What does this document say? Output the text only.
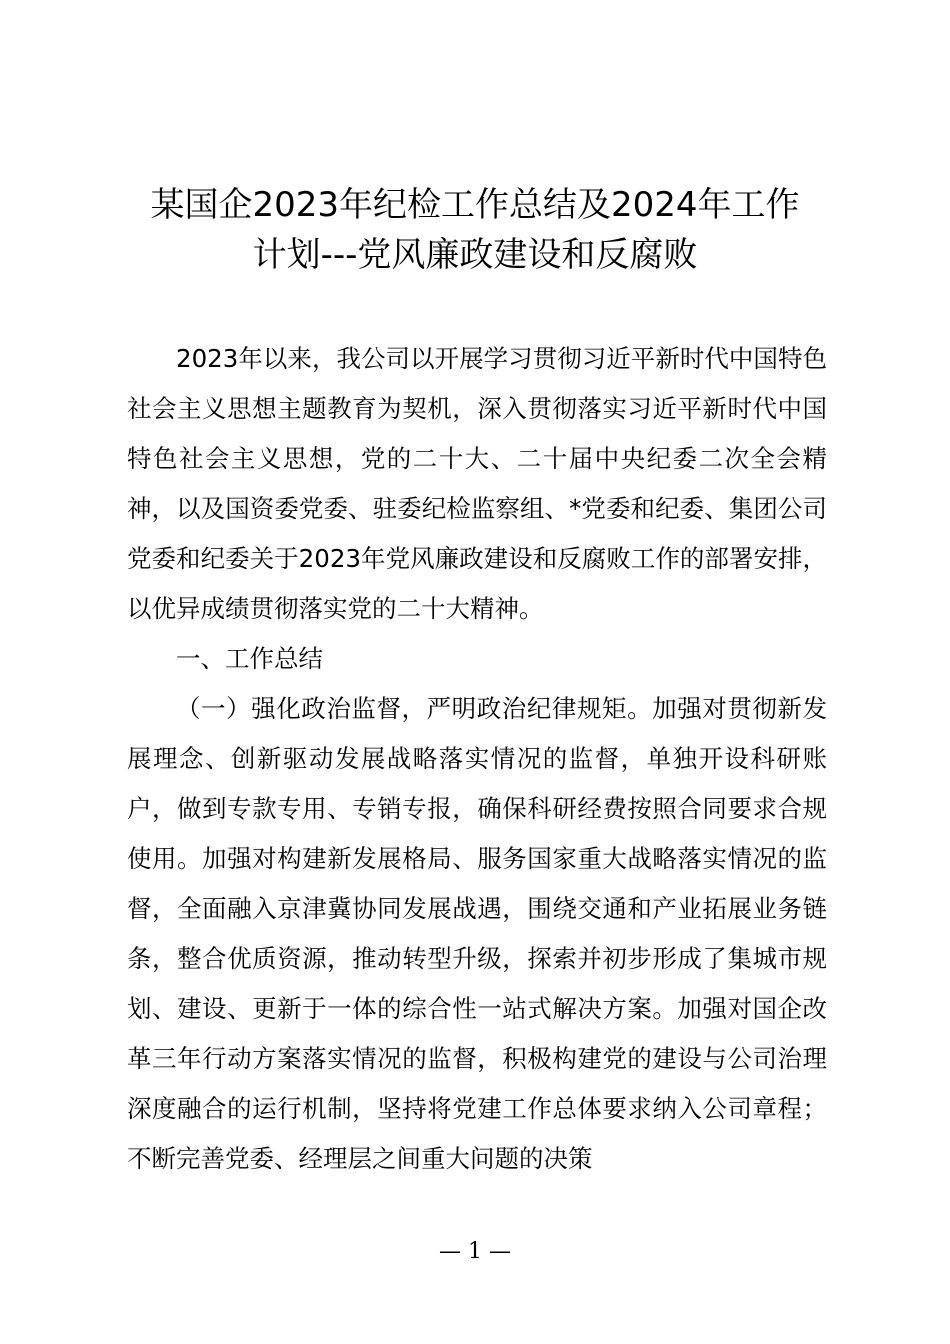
某国企2023年纪检工作总结及2024年工作
计划---党风廉政建设和反腐败

2023年以来，我公司以开展学习贯彻习近平新时代中国特色社会主义思想主题教育为契机，深入贯彻落实习近平新时代中国特色社会主义思想，党的二十大、二十届中央纪委二次全会精神，以及国资委党委、驻委纪检监察组、*党委和纪委、集团公司党委和纪委关于2023年党风廉政建设和反腐败工作的部署安排，以优异成绩贯彻落实党的二十大精神。

一、工作总结

（一）强化政治监督，严明政治纪律规矩。加强对贯彻新发展理念、创新驱动发展战略落实情况的监督，单独开设科研账户，做到专款专用、专销专报，确保科研经费按照合同要求合规使用。加强对构建新发展格局、服务国家重大战略落实情况的监督，全面融入京津冀协同发展战遇，围绕交通和产业拓展业务链条，整合优质资源，推动转型升级，探索并初步形成了集城市规划、建设、更新于一体的综合性一站式解决方案。加强对国企改革三年行动方案落实情况的监督，积极构建党的建设与公司治理深度融合的运行机制，坚持将党建工作总体要求纳入公司章程；不断完善党委、经理层之间重大问题的决策

— 1 —
